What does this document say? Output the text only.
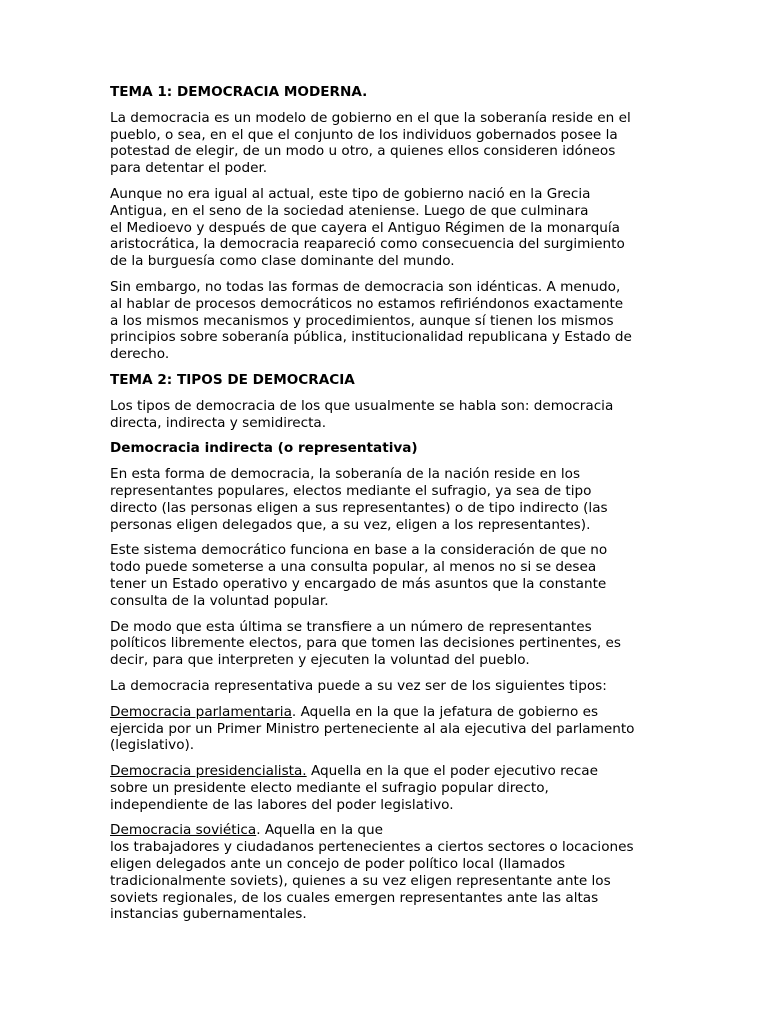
TEMA 1: DEMOCRACIA MODERNA.
La democracia es un modelo de gobierno en el que la soberanía reside en el
pueblo, o sea, en el que el conjunto de los individuos gobernados posee la
potestad de elegir, de un modo u otro, a quienes ellos consideren idóneos
para detentar el poder.
Aunque no era igual al actual, este tipo de gobierno nació en la Grecia
Antigua, en el seno de la sociedad ateniense. Luego de que culminara
el Medioevo y después de que cayera el Antiguo Régimen de la monarquía
aristocrática, la democracia reapareció como consecuencia del surgimiento
de la burguesía como clase dominante del mundo.
Sin embargo, no todas las formas de democracia son idénticas. A menudo,
al hablar de procesos democráticos no estamos refiriéndonos exactamente
a los mismos mecanismos y procedimientos, aunque sí tienen los mismos
principios sobre soberanía pública, institucionalidad republicana y Estado de
derecho.
TEMA 2: TIPOS DE DEMOCRACIA
Los tipos de democracia de los que usualmente se habla son: democracia
directa, indirecta y semidirecta.
Democracia indirecta (o representativa)
En esta forma de democracia, la soberanía de la nación reside en los
representantes populares, electos mediante el sufragio, ya sea de tipo
directo (las personas eligen a sus representantes) o de tipo indirecto (las
personas eligen delegados que, a su vez, eligen a los representantes).
Este sistema democrático funciona en base a la consideración de que no
todo puede someterse a una consulta popular, al menos no si se desea
tener un Estado operativo y encargado de más asuntos que la constante
consulta de la voluntad popular.
De modo que esta última se transfiere a un número de representantes
políticos libremente electos, para que tomen las decisiones pertinentes, es
decir, para que interpreten y ejecuten la voluntad del pueblo.
La democracia representativa puede a su vez ser de los siguientes tipos:
Democracia parlamentaria. Aquella en la que la jefatura de gobierno es
ejercida por un Primer Ministro perteneciente al ala ejecutiva del parlamento
(legislativo).
Democracia presidencialista. Aquella en la que el poder ejecutivo recae
sobre un presidente electo mediante el sufragio popular directo,
independiente de las labores del poder legislativo.
Democracia soviética. Aquella en la que
los trabajadores y ciudadanos pertenecientes a ciertos sectores o locaciones
eligen delegados ante un concejo de poder político local (llamados
tradicionalmente soviets), quienes a su vez eligen representante ante los
soviets regionales, de los cuales emergen representantes ante las altas
instancias gubernamentales.
